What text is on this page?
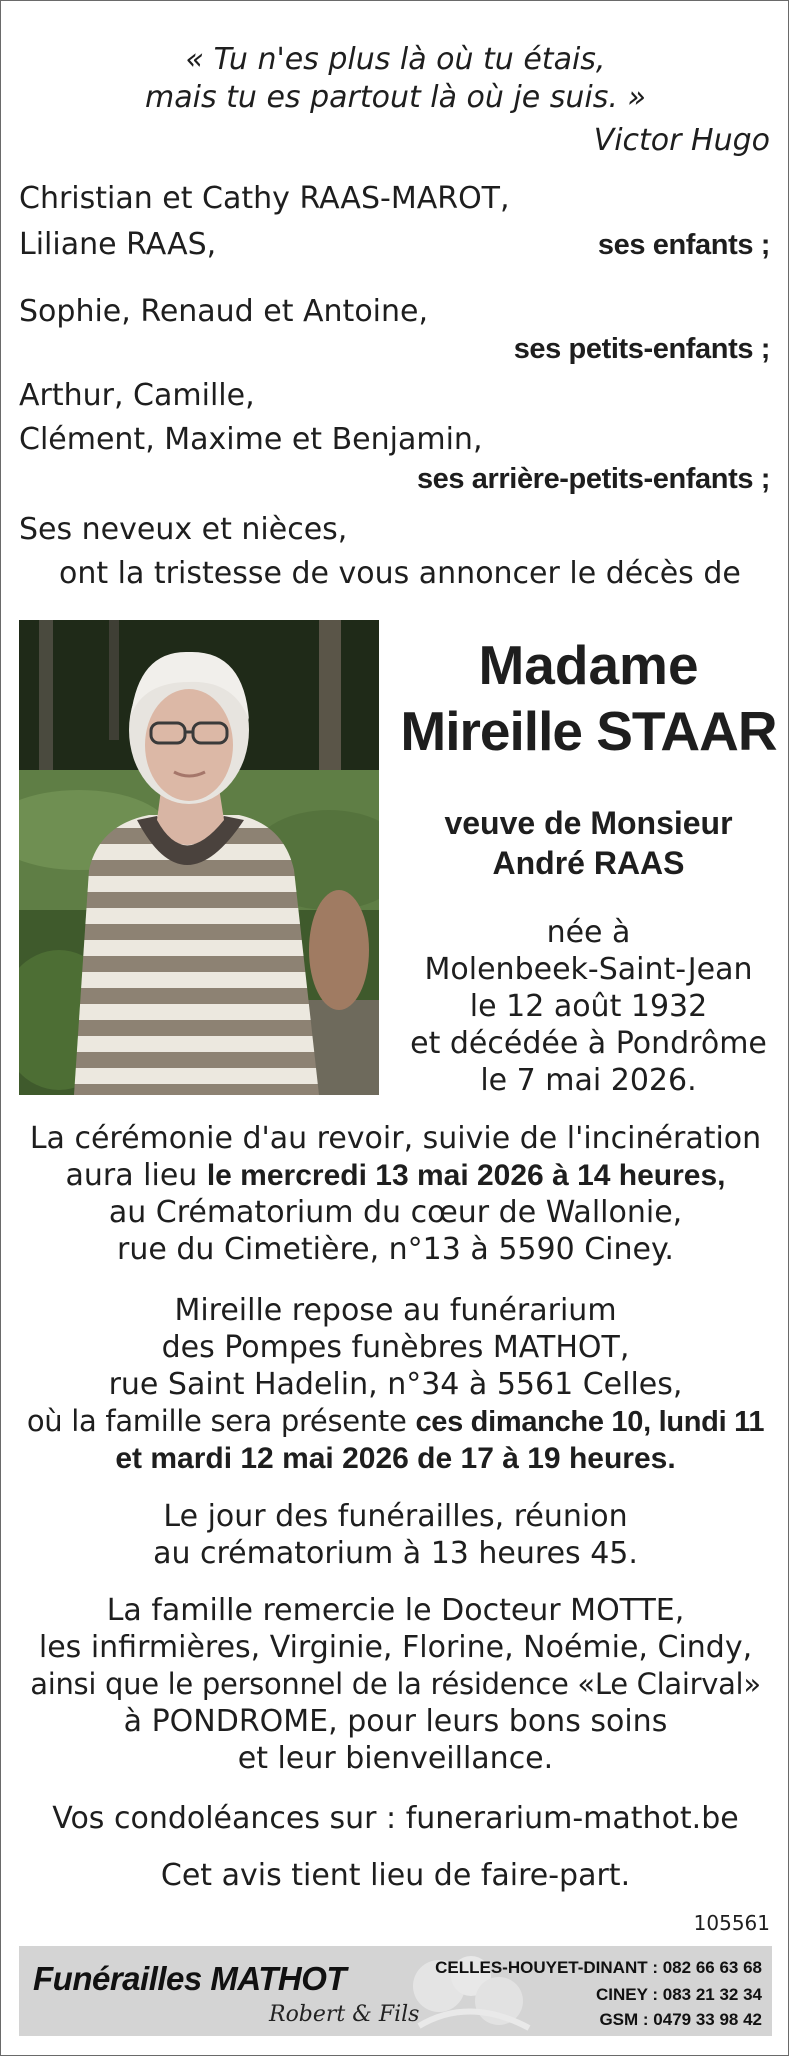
« Tu n'es plus là où tu étais,
mais tu es partout là où je suis. »
Victor Hugo
Christian et Cathy RAAS-MAROT,
Liliane RAAS,	ses enfants ;
Sophie, Renaud et Antoine,
ses petits-enfants ;
Arthur, Camille,
Clément, Maxime et Benjamin,
ses arrière-petits-enfants ;
Ses neveux et nièces,
ont la tristesse de vous annoncer le décès de
Madame
Mireille STAAR
veuve de Monsieur
André RAAS
née à
Molenbeek-Saint-Jean
le 12 août 1932
et décédée à Pondrôme
le 7 mai 2026.
La cérémonie d'au revoir, suivie de l'incinération
aura lieu le mercredi 13 mai 2026 à 14 heures,
au Crématorium du cœur de Wallonie,
rue du Cimetière, n°13 à 5590 Ciney.
Mireille repose au funérarium
des Pompes funèbres MATHOT,
rue Saint Hadelin, n°34 à 5561 Celles,
où la famille sera présente ces dimanche 10, lundi 11
et mardi 12 mai 2026 de 17 à 19 heures.
Le jour des funérailles, réunion
au crématorium à 13 heures 45.
La famille remercie le Docteur MOTTE,
les infirmières, Virginie, Florine, Noémie, Cindy,
ainsi que le personnel de la résidence «Le Clairval»
à PONDROME, pour leurs bons soins
et leur bienveillance.
Vos condoléances sur : funerarium-mathot.be
Cet avis tient lieu de faire-part.
105561
Funérailles MATHOT
Robert & Fils
CELLES-HOUYET-DINANT : 082 66 63 68
CINEY : 083 21 32 34
GSM : 0479 33 98 42
